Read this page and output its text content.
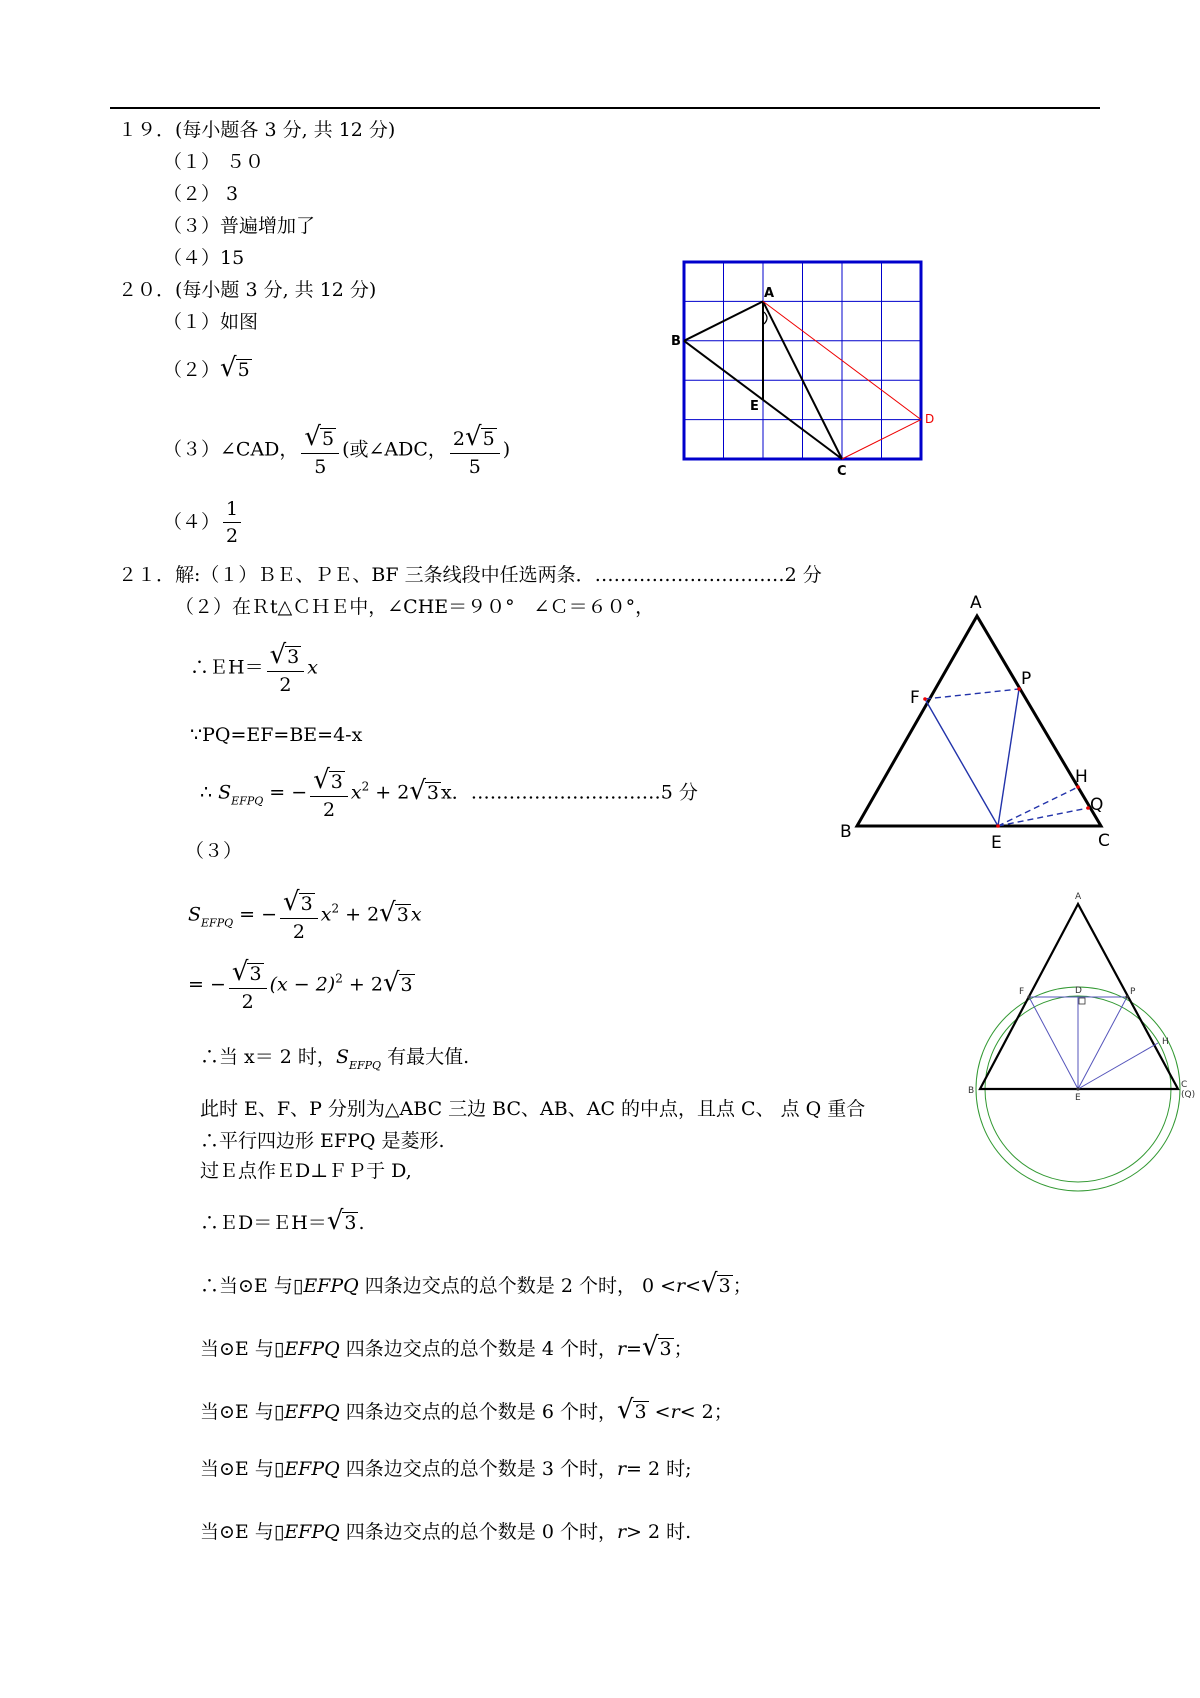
１９．(每小题各 3 分, 共 12 分)
（１） ５０
（２） 3
（３）普遍增加了
（４）15
２０．(每小题 3 分, 共 12 分)
（１）如图
（２） √ 5
（３）∠CAD， $\frac{√ 5}{5}$ (或∠ADC， $\frac{2 √ 5}{5}$ )
$(4) \frac{1}{2}$
A
B
C
D
E
２１．解:（１）ＢＥ、ＰＥ、BF 三条线段中任选两条．…………………………2 分
（２）在Ｒt△ＣＨＥ中，∠CHE＝９０°　∠Ｃ＝６０°，
∴ＥH＝ $\frac{√ 3}{2}$ x
∵PQ=EF=BE=4-x
∴ $S_{EFPQ}$ = − $\frac{√ 3}{2} x^2 + 2$ √ 3 x．…………………………5 分
（３）
$S_{EFPQ}$ = − $\frac{√ 3}{2} x^2 + 2$ √ 3 x
= − $\frac{√ 3}{2} (x - 2)^2 + 2$ √ 3
∴当 x＝ 2 时，$S_{EFPQ}$ 有最大值.
此时 E、F、P 分别为△ABC 三边 BC、AB、AC 的中点，且点 C、 点 Q 重合
∴平行四边形 EFPQ 是菱形.
过Ｅ点作ＥD⊥ＦＰ于 D,
∴ＥD＝ＥH＝ √ 3 .
∴当⊙E 与▯EFPQ 四条边交点的总个数是 2 个时， 0 <r< √ 3 ；
当⊙E 与▯EFPQ 四条边交点的总个数是 4 个时，r= √ 3 ；
当⊙E 与▯EFPQ 四条边交点的总个数是 6 个时， √ 3 <r< 2；
当⊙E 与▯EFPQ 四条边交点的总个数是 3 个时，r= 2 时;
当⊙E 与▯EFPQ 四条边交点的总个数是 0 个时，r> 2 时.
A
B	C
E
F
H
P
Q
A
B
C
(Q)
D
E
F
H
P
